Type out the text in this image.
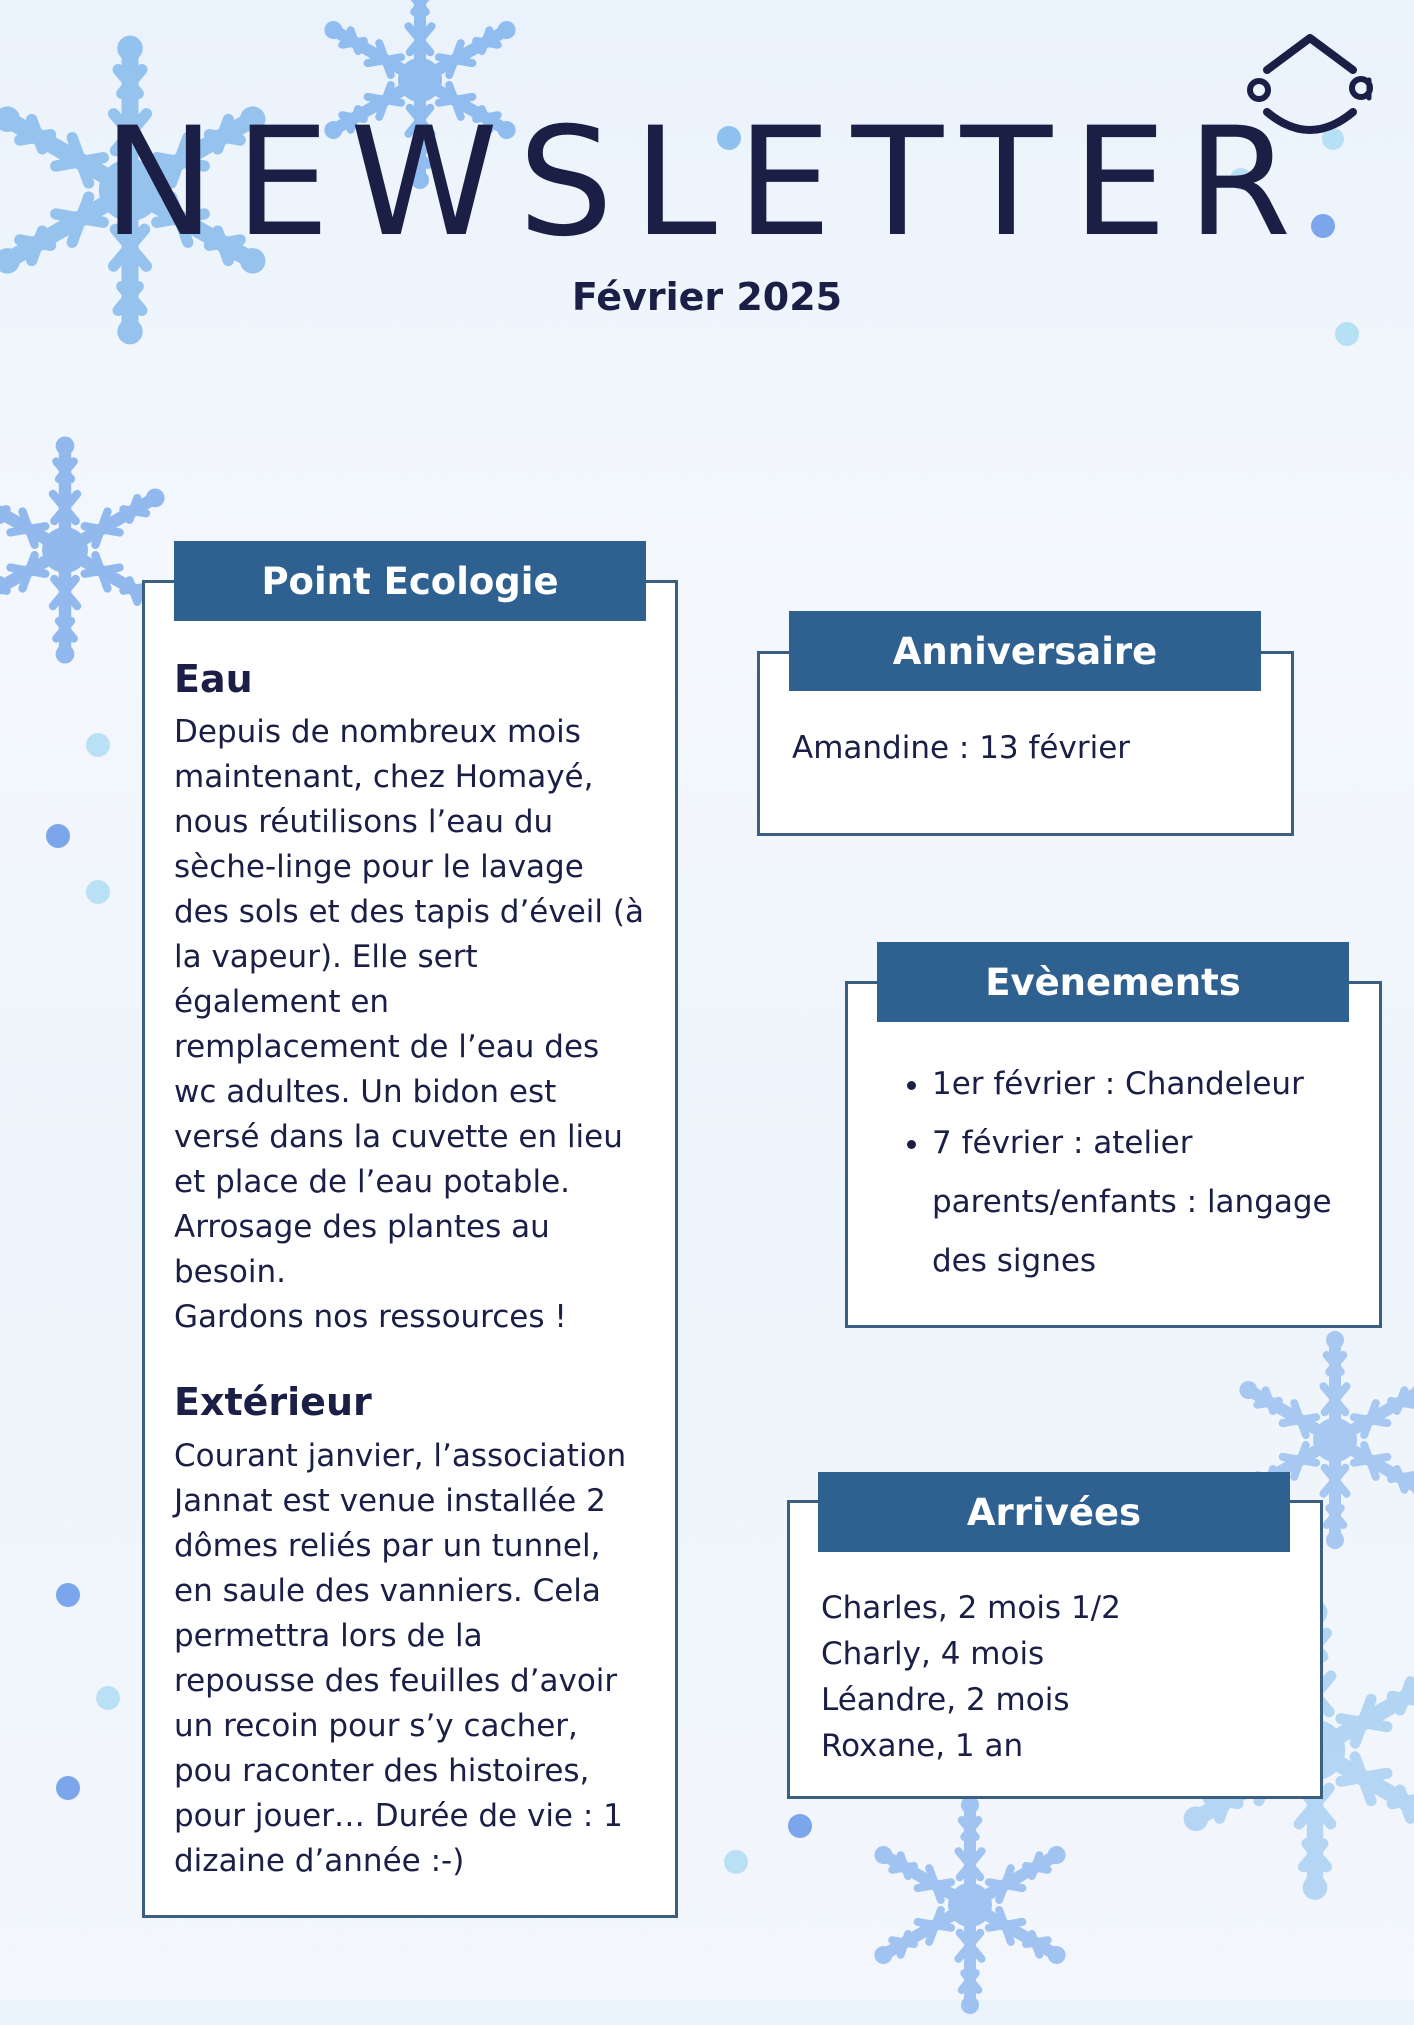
NEWSLETTER
Février 2025
Point Ecologie
Eau

Depuis de nombreux mois
maintenant, chez Homayé,
nous réutilisons l’eau du
sèche-linge pour le lavage
des sols et des tapis d’éveil (à
la vapeur). Elle sert
également en
remplacement de l’eau des
wc adultes. Un bidon est
versé dans la cuvette en lieu
et place de l’eau potable.
Arrosage des plantes au
besoin.
Gardons nos ressources !

Extérieur

Courant janvier, l’association
Jannat est venue installée 2
dômes reliés par un tunnel,
en saule des vanniers. Cela
permettra lors de la
repousse des feuilles d’avoir
un recoin pour s’y cacher,
pou raconter des histoires,
pour jouer… Durée de vie : 1
dizaine d’année :-)

Anniversaire
Amandine : 13 février
Evènements
• 1er février : Chandeleur
• 7 février : atelier parents/enfants : langage des signes
Arrivées
Charles, 2 mois 1/2
Charly, 4 mois
Léandre, 2 mois
Roxane, 1 an
